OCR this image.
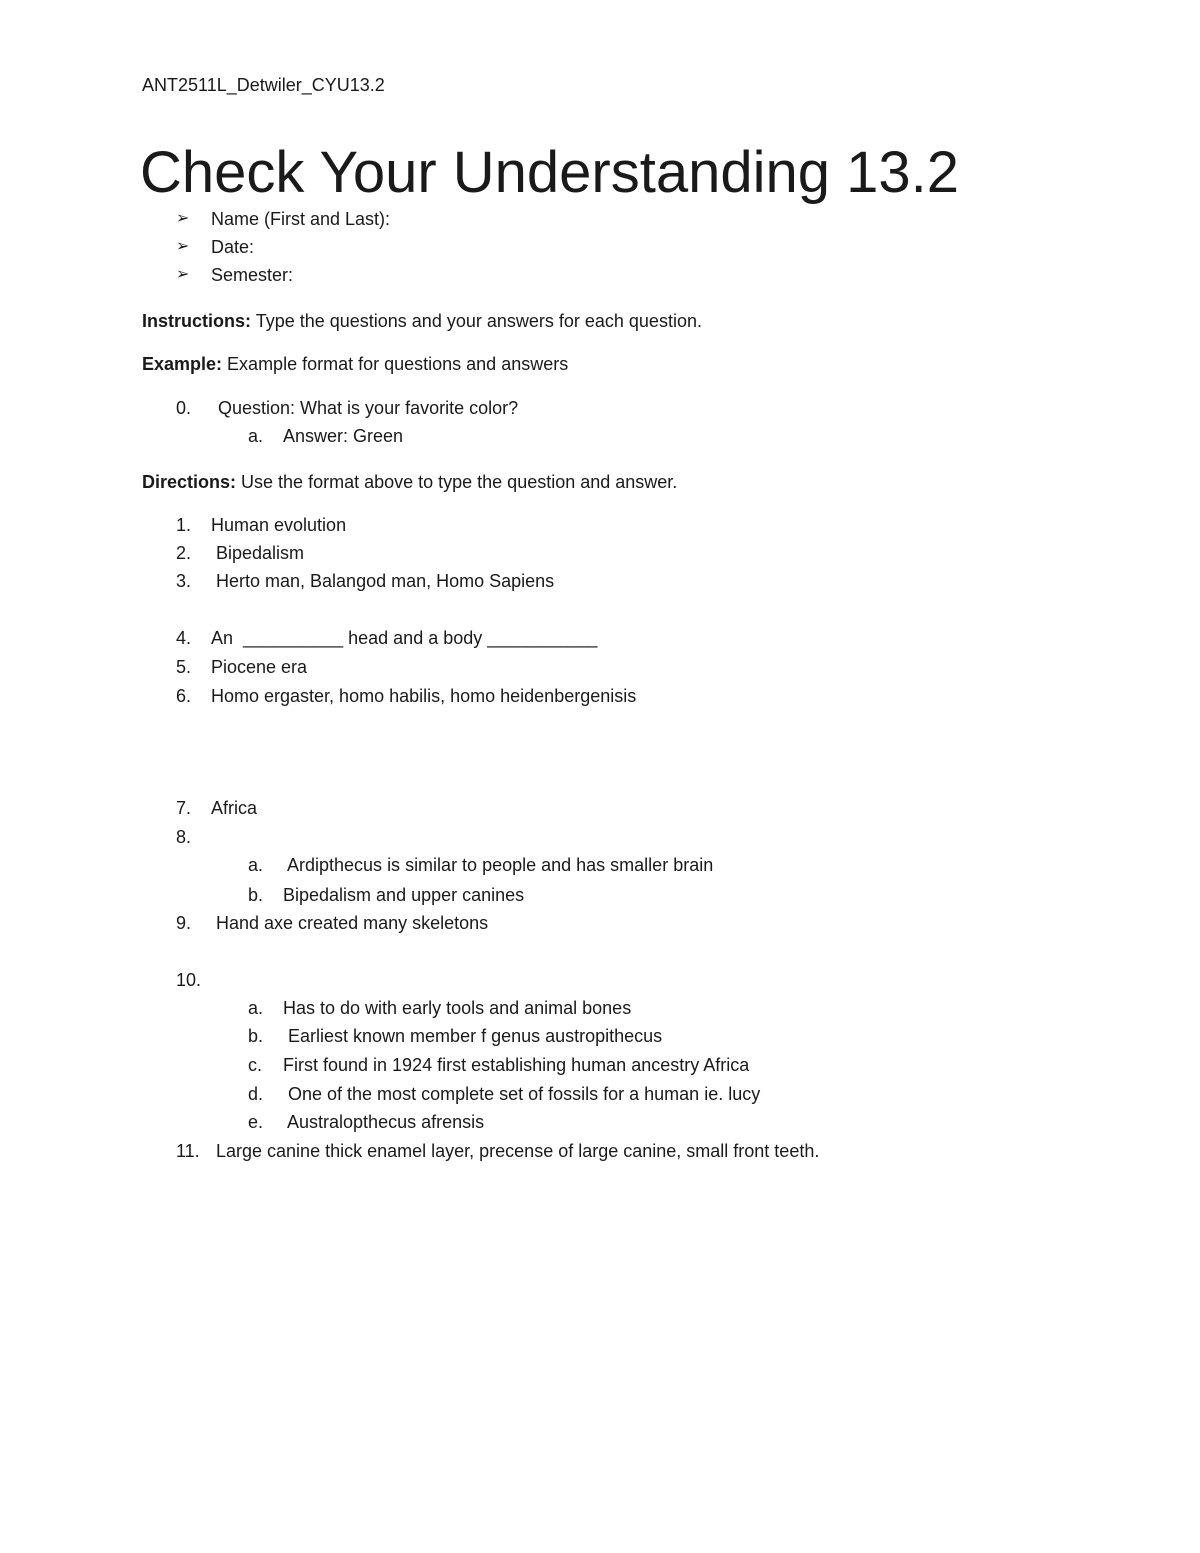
ANT2511L_Detwiler_CYU13.2
Check Your Understanding 13.2
➢ Name (First and Last):
➢ Date:
➢ Semester:
Instructions: Type the questions and your answers for each question.
Example: Example format for questions and answers
0. Question: What is your favorite color?
a. Answer: Green
Directions: Use the format above to type the question and answer.
1. Human evolution
2. Bipedalism
3. Herto man, Balangod man, Homo Sapiens
4. An  __________ head and a body ___________
5. Piocene era
6. Homo ergaster, homo habilis, homo heidenbergenisis
7. Africa
8.
a. Ardipthecus is similar to people and has smaller brain
b. Bipedalism and upper canines
9. Hand axe created many skeletons
10.
a. Has to do with early tools and animal bones
b. Earliest known member f genus austropithecus
c. First found in 1924 first establishing human ancestry Africa
d. One of the most complete set of fossils for a human ie. lucy
e. Australopthecus afrensis
11. Large canine thick enamel layer, precense of large canine, small front teeth.
